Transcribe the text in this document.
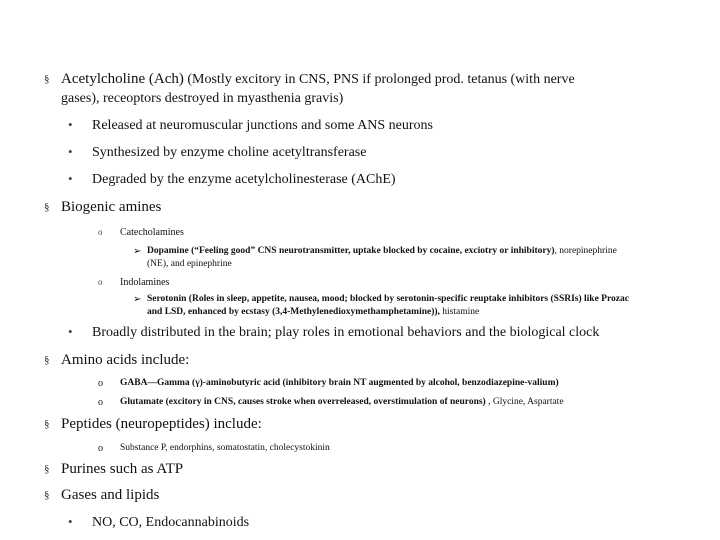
§ Acetylcholine (Ach) (Mostly excitory in CNS, PNS if prolonged prod. tetanus (with nerve
gases), receoptors destroyed in myasthenia gravis)
• Released at neuromuscular junctions and some ANS neurons
• Synthesized by enzyme choline acetyltransferase
• Degraded by the enzyme acetylcholinesterase (AChE)
§ Biogenic amines
o Catecholamines
➢ Dopamine (“Feeling good” CNS neurotransmitter, uptake blocked by cocaine, exciotry or inhibitory), norepinephrine
(NE), and epinephrine
o Indolamines
➢ Serotonin (Roles in sleep, appetite, nausea, mood; blocked by serotonin-specific reuptake inhibitors (SSRIs) like Prozac
and LSD, enhanced by ecstasy (3,4-Methylenedioxymethamphetamine)), histamine
• Broadly distributed in the brain; play roles in emotional behaviors and the biological clock
§ Amino acids include:
o GABA—Gamma (γ)-aminobutyric acid (inhibitory brain NT augmented by alcohol, benzodiazepine-valium)
o Glutamate (excitory in CNS, causes stroke when overreleased, overstimulation of neurons) , Glycine, Aspartate
§ Peptides (neuropeptides) include:
o Substance P, endorphins, somatostatin, cholecystokinin
§ Purines such as ATP
§ Gases and lipids
• NO, CO, Endocannabinoids
